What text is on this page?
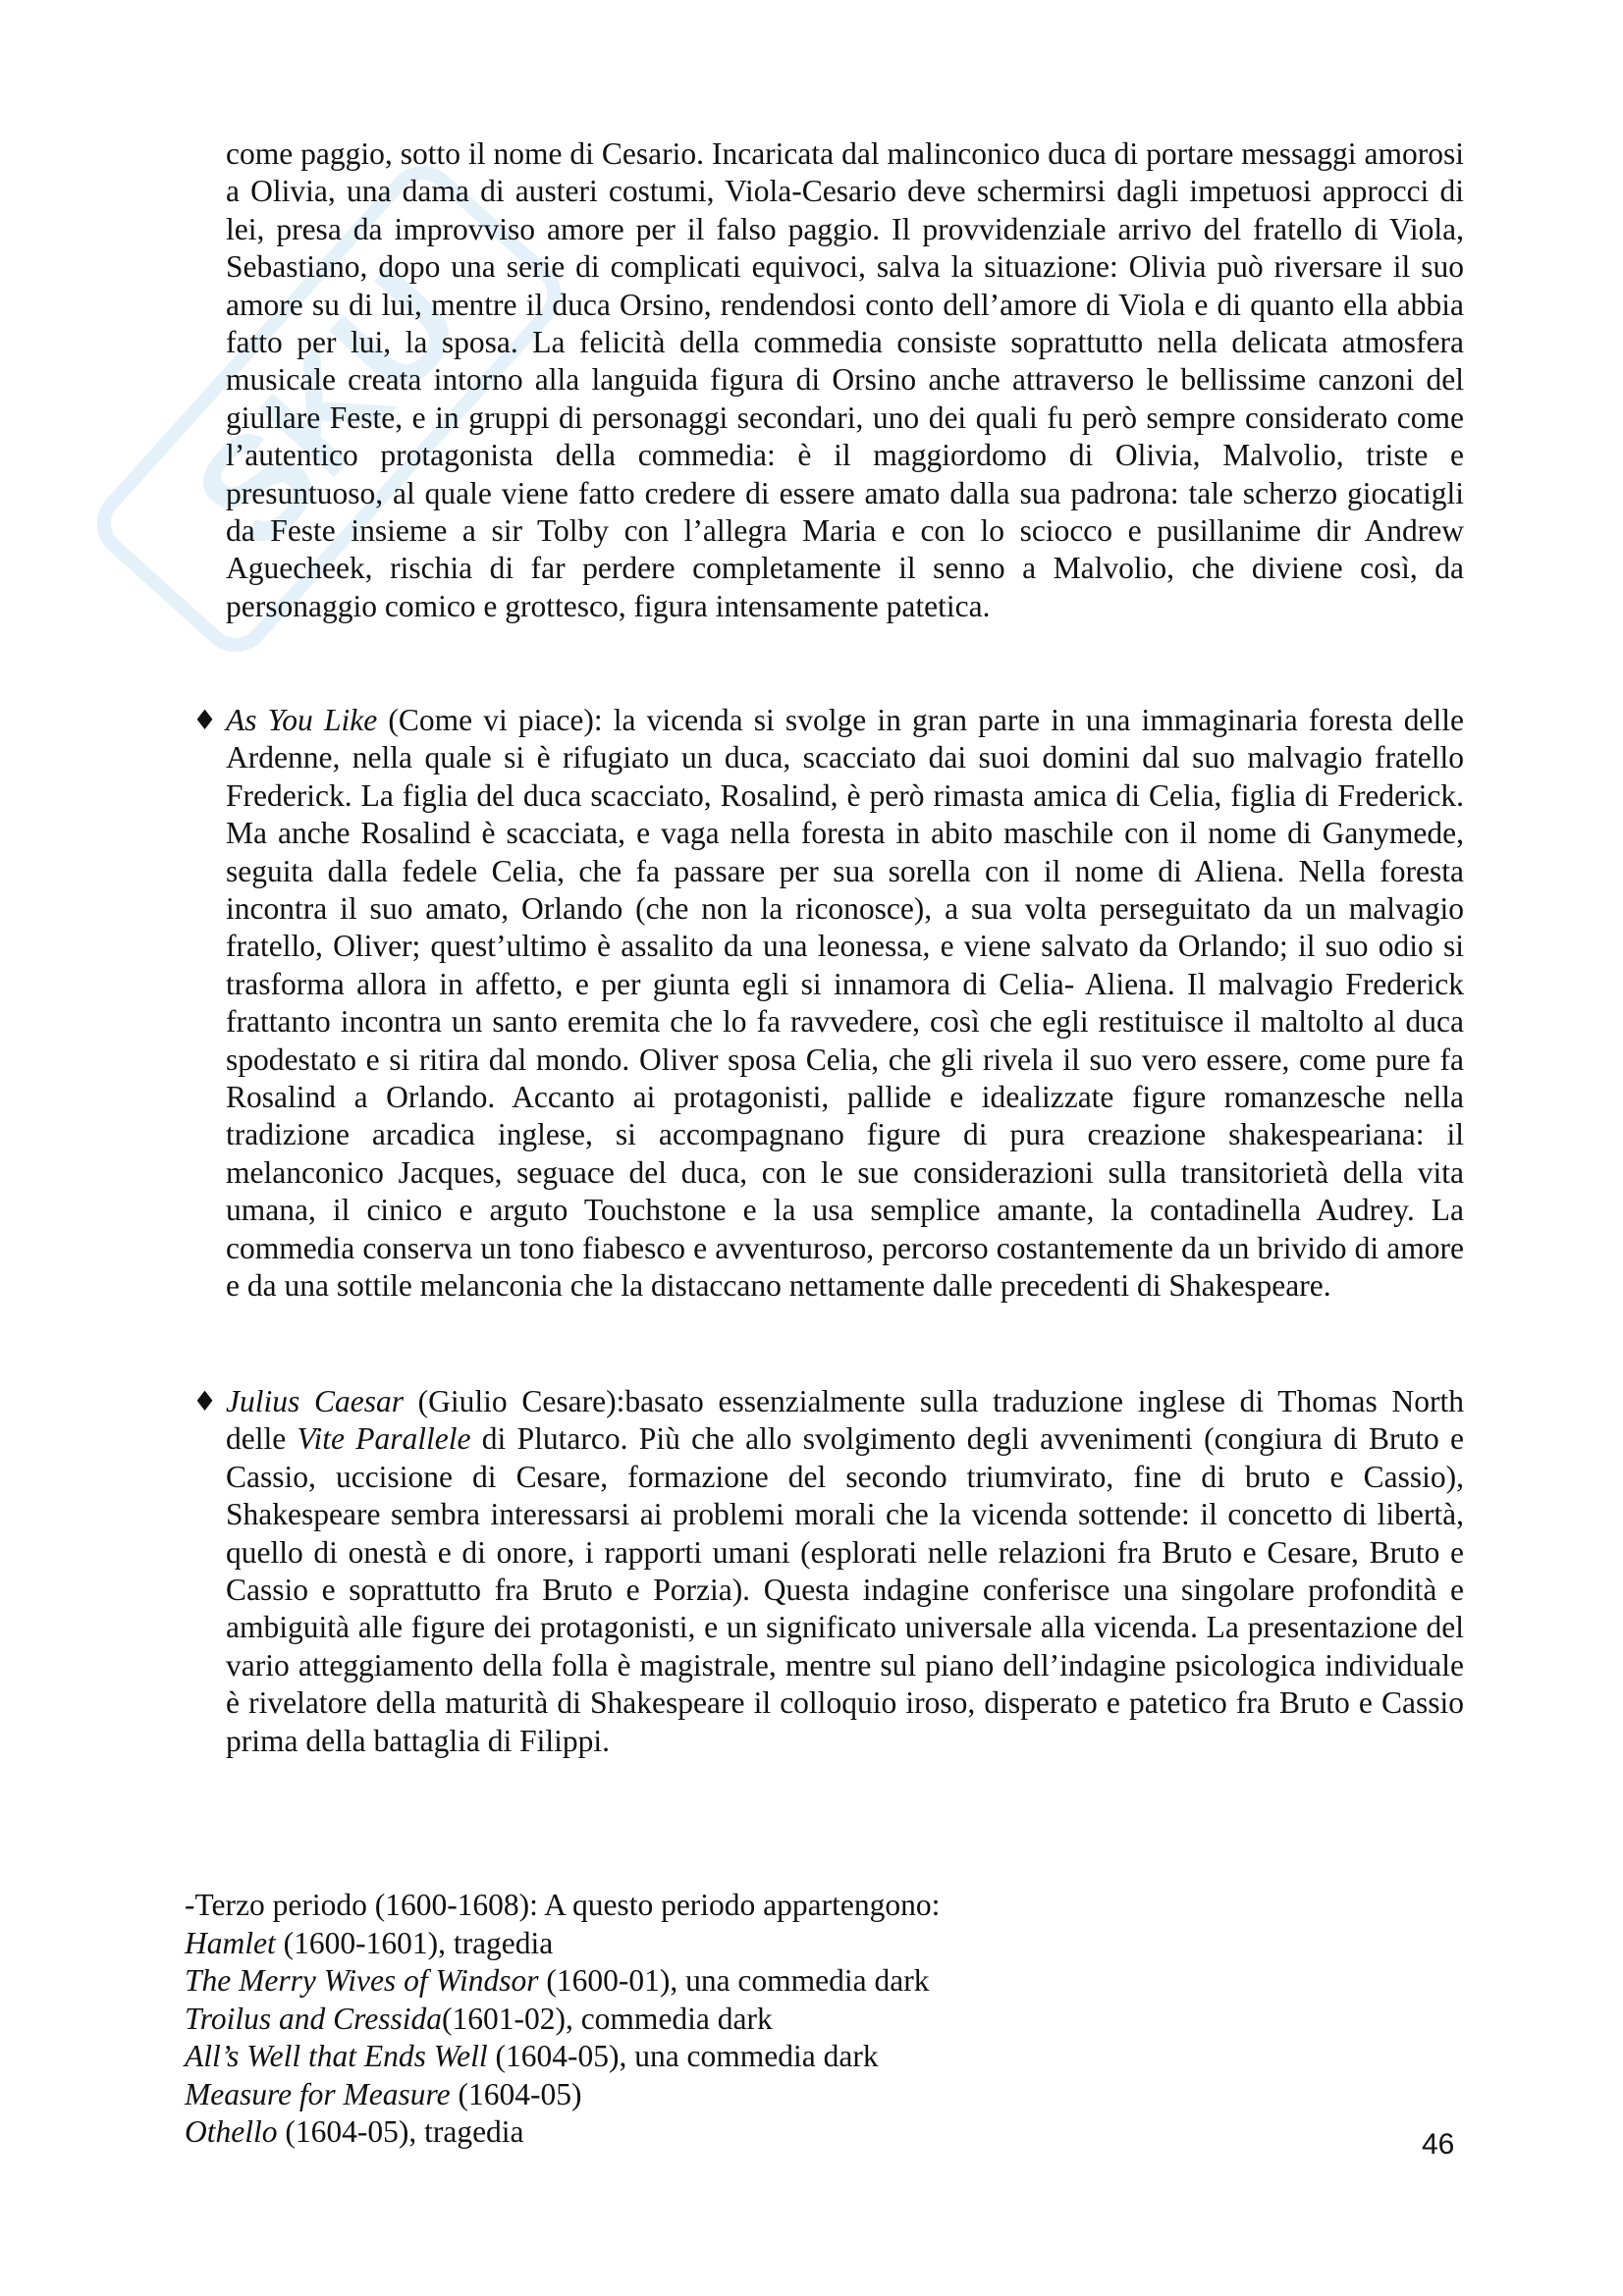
SKU

come paggio, sotto il nome di Cesario. Incaricata dal malinconico duca di portare messaggi amorosi a Olivia, una dama di austeri costumi, Viola-Cesario deve schermirsi dagli impetuosi approcci di lei, presa da improvviso amore per il falso paggio. Il provvidenziale arrivo del fratello di Viola, Sebastiano, dopo una serie di complicati equivoci, salva la situazione: Olivia può riversare il suo amore su di lui, mentre il duca Orsino, rendendosi conto dell’amore di Viola e di quanto ella abbia fatto per lui, la sposa. La felicità della commedia consiste soprattutto nella delicata atmosfera musicale creata intorno alla languida figura di Orsino anche attraverso le bellissime canzoni del giullare Feste, e in gruppi di personaggi secondari, uno dei quali fu però sempre considerato come l’autentico protagonista della commedia: è il maggiordomo di Olivia, Malvolio, triste e presuntuoso, al quale viene fatto credere di essere amato dalla sua padrona: tale scherzo giocatigli da Feste insieme a sir Tolby con l’allegra Maria e con lo sciocco e pusillanime dir Andrew Aguecheek, rischia di far perdere completamente il senno a Malvolio, che diviene così, da personaggio comico e grottesco, figura intensamente patetica.

♦ As You Like (Come vi piace): la vicenda si svolge in gran parte in una immaginaria foresta delle Ardenne, nella quale si è rifugiato un duca, scacciato dai suoi domini dal suo malvagio fratello Frederick. La figlia del duca scacciato, Rosalind, è però rimasta amica di Celia, figlia di Frederick. Ma anche Rosalind è scacciata, e vaga nella foresta in abito maschile con il nome di Ganymede, seguita dalla fedele Celia, che fa passare per sua sorella con il nome di Aliena. Nella foresta incontra il suo amato, Orlando (che non la riconosce), a sua volta perseguitato da un malvagio fratello, Oliver; quest’ultimo è assalito da una leonessa, e viene salvato da Orlando; il suo odio si trasforma allora in affetto, e per giunta egli si innamora di Celia- Aliena. Il malvagio Frederick frattanto incontra un santo eremita che lo fa ravvedere, così che egli restituisce il maltolto al duca spodestato e si ritira dal mondo. Oliver sposa Celia, che gli rivela il suo vero essere, come pure fa Rosalind a Orlando. Accanto ai protagonisti, pallide e idealizzate figure romanzesche nella tradizione arcadica inglese, si accompagnano figure di pura creazione shakespeariana: il melanconico Jacques, seguace del duca, con le sue considerazioni sulla transitorietà della vita umana, il cinico e arguto Touchstone e la usa semplice amante, la contadinella Audrey. La commedia conserva un tono fiabesco e avventuroso, percorso costantemente da un brivido di amore e da una sottile melanconia che la distaccano nettamente dalle precedenti di Shakespeare.

♦ Julius Caesar (Giulio Cesare):basato essenzialmente sulla traduzione inglese di Thomas North delle Vite Parallele di Plutarco. Più che allo svolgimento degli avvenimenti (congiura di Bruto e Cassio, uccisione di Cesare, formazione del secondo triumvirato, fine di bruto e Cassio), Shakespeare sembra interessarsi ai problemi morali che la vicenda sottende: il concetto di libertà, quello di onestà e di onore, i rapporti umani (esplorati nelle relazioni fra Bruto e Cesare, Bruto e Cassio e soprattutto fra Bruto e Porzia). Questa indagine conferisce una singolare profondità e ambiguità alle figure dei protagonisti, e un significato universale alla vicenda. La presentazione del vario atteggiamento della folla è magistrale, mentre sul piano dell’indagine psicologica individuale è rivelatore della maturità di Shakespeare il colloquio iroso, disperato e patetico fra Bruto e Cassio prima della battaglia di Filippi.

-Terzo periodo (1600-1608): A questo periodo appartengono:
Hamlet (1600-1601), tragedia
The Merry Wives of Windsor (1600-01), una commedia dark
Troilus and Cressida(1601-02), commedia dark
All’s Well that Ends Well (1604-05), una commedia dark
Measure for Measure (1604-05)
Othello (1604-05), tragedia	46
